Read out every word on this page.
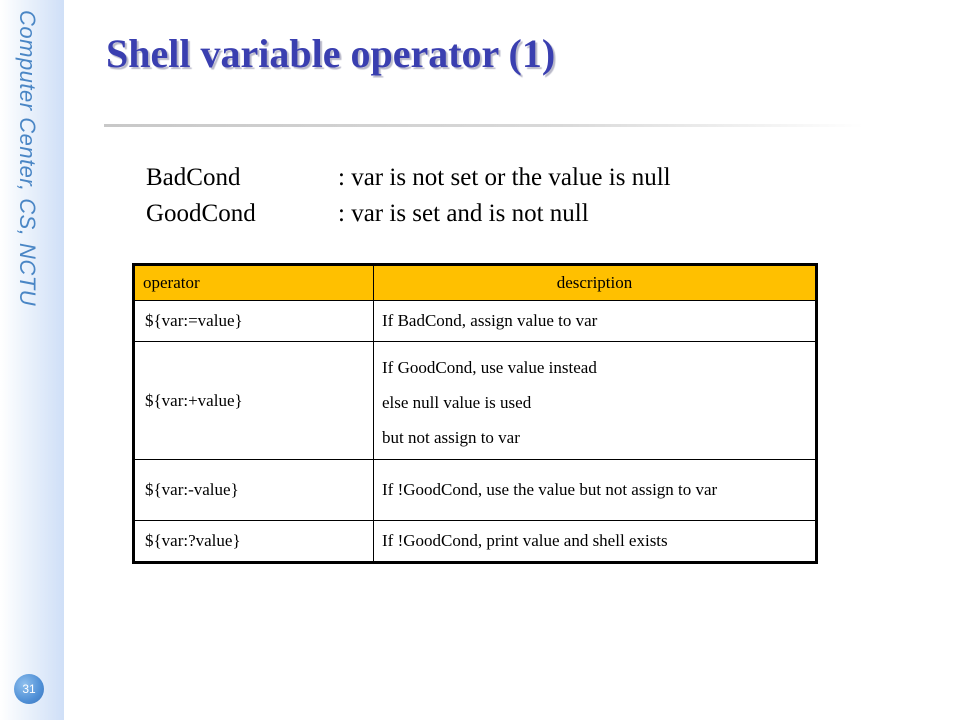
Computer Center, CS, NCTU
31
Shell variable operator (1)
BadCond	: var is not set or the value is null
GoodCond	: var is set and is not null
operator	description
${var:=value}	If BadCond, assign value to var

${var:+value}	If GoodCond, use value instead
else null value is used
but not assign to var

${var:-value}	If !GoodCond, use the value but not assign to var

${var:?value}	If !GoodCond, print value and shell exists
